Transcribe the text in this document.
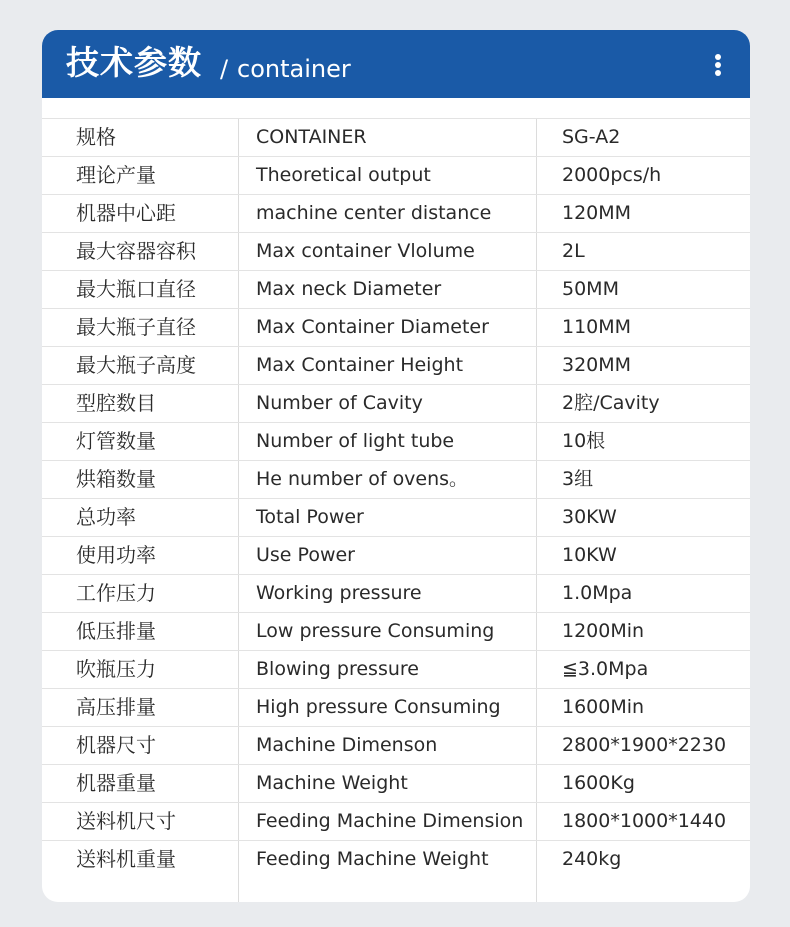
技术参数 / container
规格	CONTAINER	SG-A2
理论产量	Theoretical output	2000pcs/h
机器中心距	machine center distance	120MM
最大容器容积	Max container Vlolume	2L
最大瓶口直径	Max neck Diameter	50MM
最大瓶子直径	Max Container Diameter	110MM
最大瓶子高度	Max Container Height	320MM
型腔数目	Number of Cavity	2腔/Cavity
灯管数量	Number of light tube	10根
烘箱数量	He number of ovens。	3组
总功率	Total Power	30KW
使用功率	Use Power	10KW
工作压力	Working pressure	1.0Mpa
低压排量	Low pressure Consuming	1200Min
吹瓶压力	Blowing pressure	≦3.0Mpa
高压排量	High pressure Consuming	1600Min
机器尺寸	Machine Dimenson	2800*1900*2230
机器重量	Machine Weight	1600Kg
送料机尺寸	Feeding Machine Dimension 1800*1000*1440
送料机重量	Feeding Machine Weight	240kg
